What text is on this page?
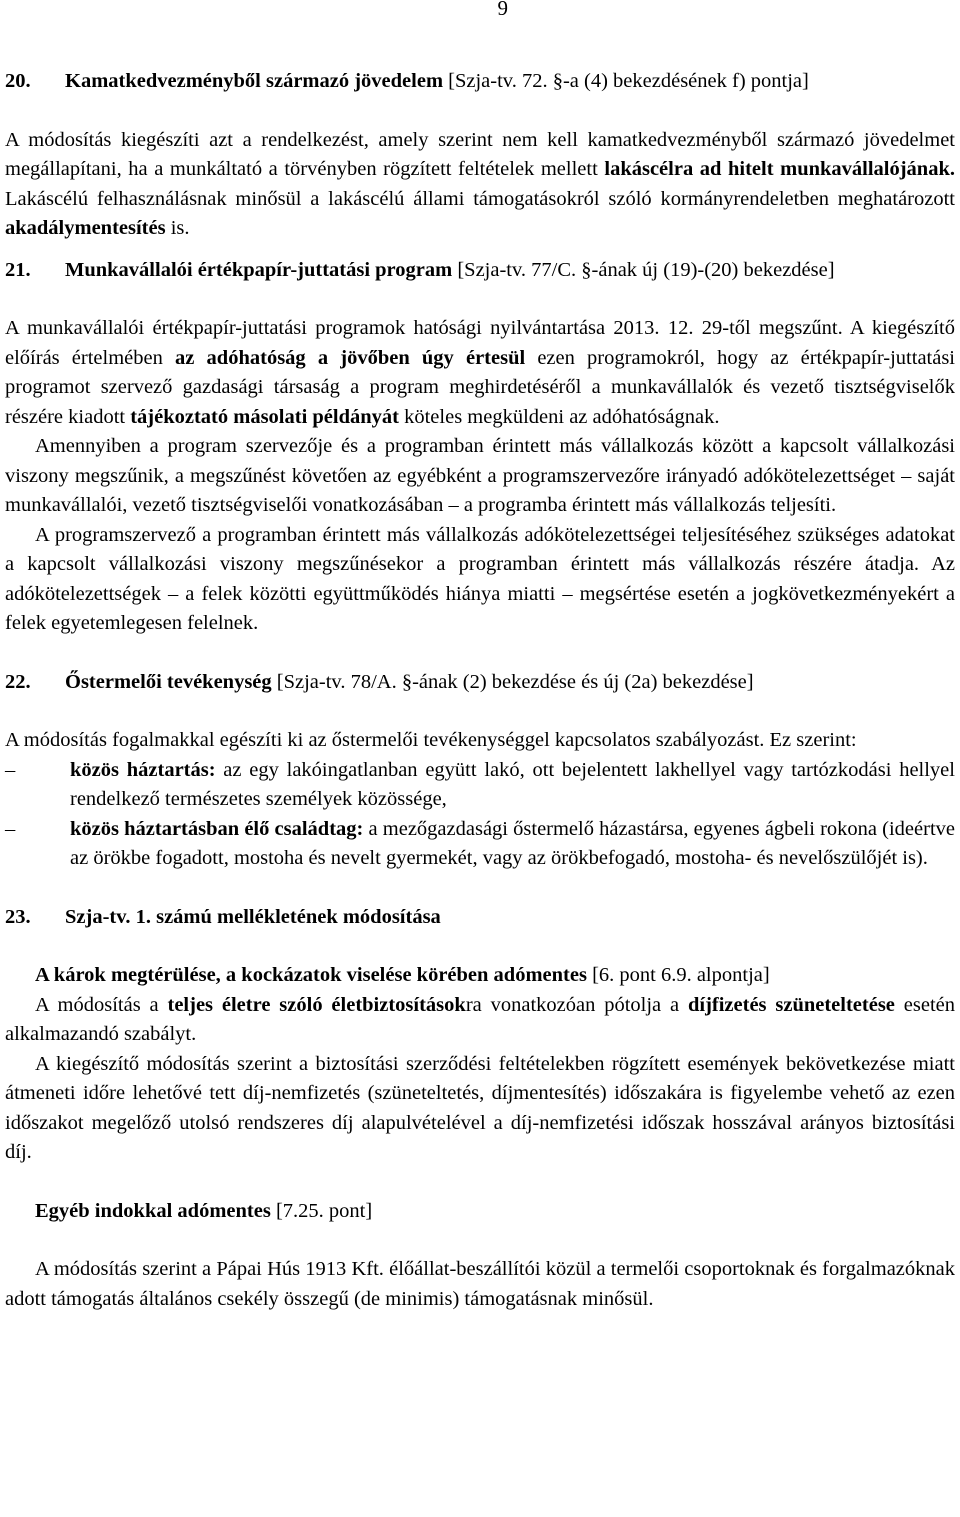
9

20. Kamatkedvezményből származó jövedelem [Szja-tv. 72. §-a (4) bekezdésének f) pontja]

A módosítás kiegészíti azt a rendelkezést, amely szerint nem kell kamatkedvezményből származó jövedelmet megállapítani, ha a munkáltató a törvényben rögzített feltételek mellett lakáscélra ad hitelt munkavállalójának. Lakáscélú felhasználásnak minősül a lakáscélú állami támogatásokról szóló kormányrendeletben meghatározott akadálymentesítés is.

21. Munkavállalói értékpapír-juttatási program [Szja-tv. 77/C. §-ának új (19)-(20) bekezdése]

A munkavállalói értékpapír-juttatási programok hatósági nyilvántartása 2013. 12. 29-től megszűnt. A kiegészítő előírás értelmében az adóhatóság a jövőben úgy értesül ezen programokról, hogy az értékpapír-juttatási programot szervező gazdasági társaság a program meghirdetéséről a munkavállalók és vezető tisztségviselők részére kiadott tájékoztató másolati példányát köteles megküldeni az adóhatóságnak.

Amennyiben a program szervezője és a programban érintett más vállalkozás között a kapcsolt vállalkozási viszony megszűnik, a megszűnést követően az egyébként a programszervezőre irányadó adókötelezettséget – saját munkavállalói, vezető tisztségviselői vonatkozásában – a programba érintett más vállalkozás teljesíti.

A programszervező a programban érintett más vállalkozás adókötelezettségei teljesítéséhez szükséges adatokat a kapcsolt vállalkozási viszony megszűnésekor a programban érintett más vállalkozás részére átadja. Az adókötelezettségek – a felek közötti együttműködés hiánya miatti – megsértése esetén a jogkövetkezményekért a felek egyetemlegesen felelnek.

22. Őstermelői tevékenység [Szja-tv. 78/A. §-ának (2) bekezdése és új (2a) bekezdése]

A módosítás fogalmakkal egészíti ki az őstermelői tevékenységgel kapcsolatos szabályozást. Ez szerint:

–	közös háztartás: az egy lakóingatlanban együtt lakó, ott bejelentett lakhellyel vagy tartózkodási hellyel rendelkező természetes személyek közössége,
–	közös háztartásban élő családtag: a mezőgazdasági őstermelő házastársa, egyenes ágbeli rokona (ideértve az örökbe fogadott, mostoha és nevelt gyermekét, vagy az örökbefogadó, mostoha- és nevelőszülőjét is).

23. Szja-tv. 1. számú mellékletének módosítása

A károk megtérülése, a kockázatok viselése körében adómentes [6. pont 6.9. alpontja]

A módosítás a teljes életre szóló életbiztosításokra vonatkozóan pótolja a díjfizetés szüneteltetése esetén alkalmazandó szabályt.

A kiegészítő módosítás szerint a biztosítási szerződési feltételekben rögzített események bekövetkezése miatt átmeneti időre lehetővé tett díj-nemfizetés (szüneteltetés, díjmentesítés) időszakára is figyelembe vehető az ezen időszakot megelőző utolsó rendszeres díj alapulvételével a díj-nemfizetési időszak hosszával arányos biztosítási díj.

Egyéb indokkal adómentes [7.25. pont]

A módosítás szerint a Pápai Hús 1913 Kft. élőállat-beszállítói közül a termelői csoportoknak és forgalmazóknak adott támogatás általános csekély összegű (de minimis) támogatásnak minősül.
